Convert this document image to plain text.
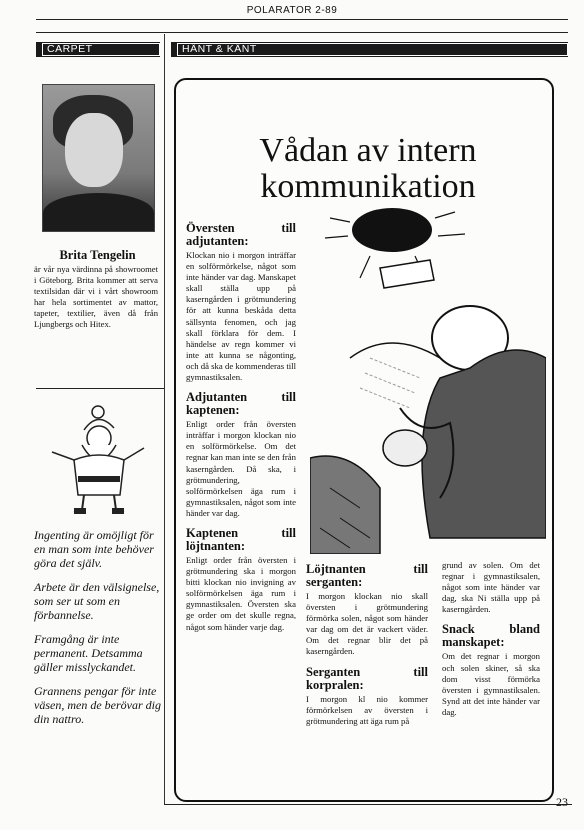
POLARATOR 2-89
CARPET	HÄNT & KÄNT
Brita Tengelin
är vår nya värdinna på showroomet i Göteborg. Brita kommer att serva textilsidan där vi i vårt showroom har hela sortimentet av mattor, tapeter, textilier, även då från Ljungbergs och Hitex.

Ingenting är omöjligt för en man som inte behöver göra det själv.

Arbete är den välsignelse, som ser ut som en förbannelse.

Framgång är inte permanent. Detsamma gäller misslyckandet.

Grannens pengar för inte väsen, men de berövar dig din nattro.

Vådan av intern kommunikation
Översten till adjutanten:

Klockan nio i morgon inträffar en solförmörkelse, något som inte händer var dag. Manskapet skall ställa upp på kaserngården i grötmundering för att kunna beskåda detta sällsynta fenomen, och jag skall förklara för dem. I händelse av regn kommer vi inte att kunna se någonting, och då ska de kommenderas till gymnastiksalen.

Adjutanten till kaptenen:

Enligt order från översten inträffar i morgon klockan nio en solförmörkelse. Om det regnar kan man inte se den från kaserngården. Då ska, i grötmundering, solförmörkelsen äga rum i gymnastiksalen, något som inte händer var dag.

Kaptenen till löjtnanten:

Enligt order från översten i grötmundering ska i morgon bitti klockan nio invigning av solförmörkelsen äga rum i gymnastiksalen. Översten ska ge order om det skulle regna, något som händer varje dag.

Löjtnanten till serganten:

I morgon klockan nio skall översten i grötmundering förmörka solen, något som händer var dag om det är vackert väder. Om det regnar blir det på kaserngården.

Serganten till korpralen:

I morgon kl nio kommer förmörkelsen av översten i grötmundering att äga rum på

grund av solen. Om det regnar i gymnastiksalen, något som inte händer var dag, ska Ni ställa upp på kaserngården.

Snack bland manskapet:

Om det regnar i morgon och solen skiner, så ska dom visst förmörka översten i gymnastiksalen. Synd att det inte händer var dag.

23
